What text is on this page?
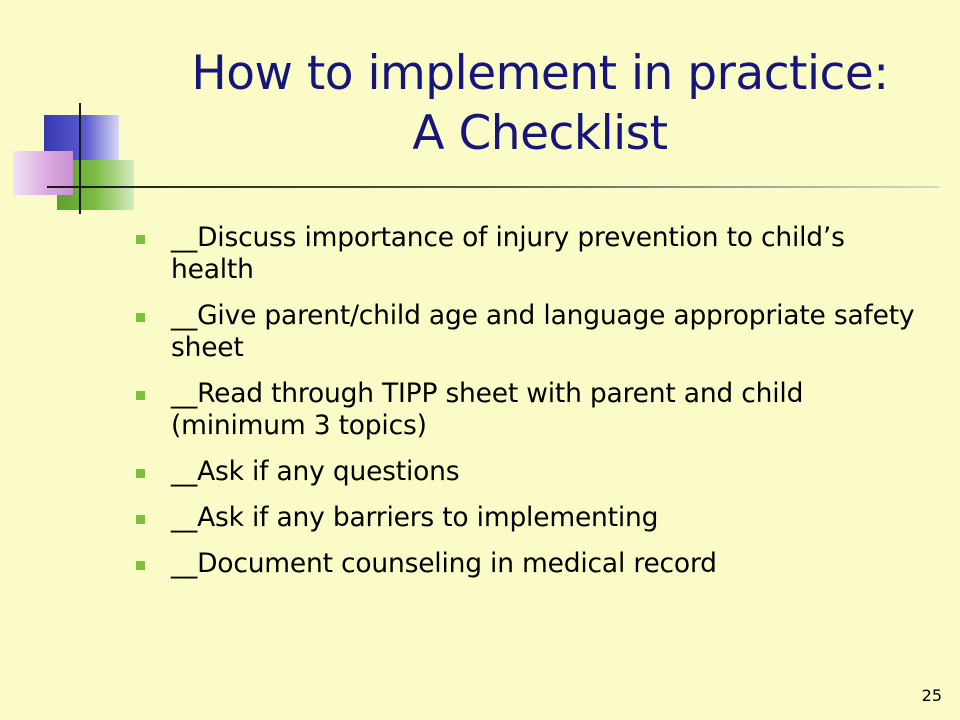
How to implement in practice:
A Checklist
__Discuss importance of injury prevention to child’s health
__Give parent/child age and language appropriate safety sheet
__Read through TIPP sheet with parent and child (minimum 3 topics)
__Ask if any questions
__Ask if any barriers to implementing
__Document counseling in medical record
25
